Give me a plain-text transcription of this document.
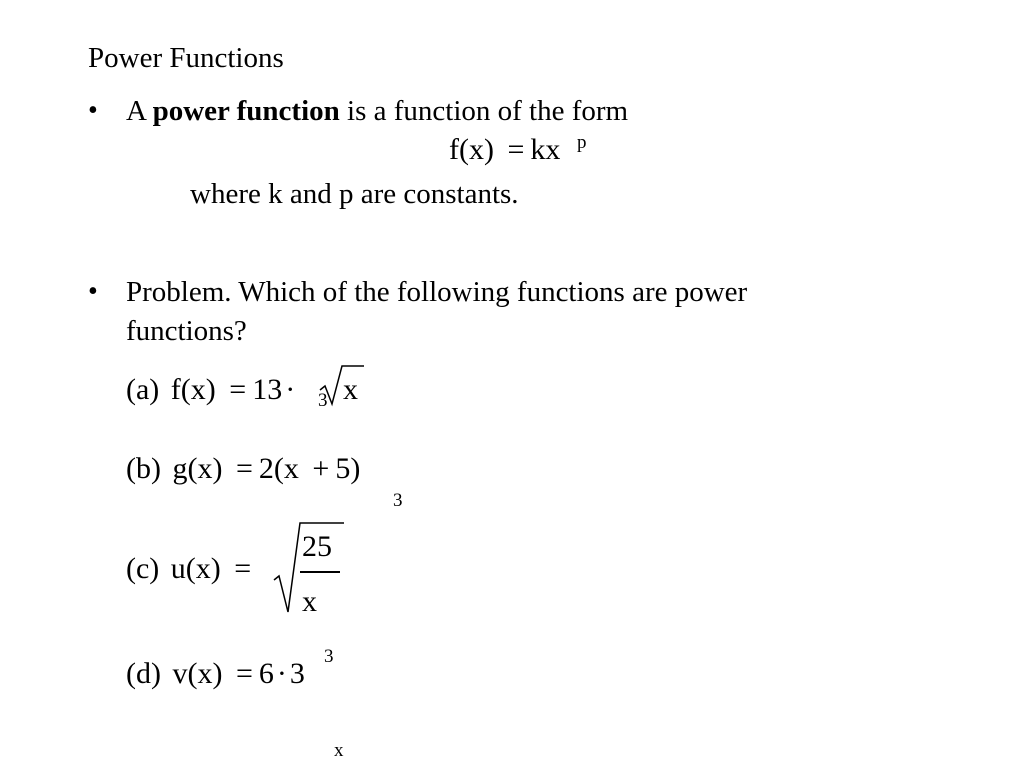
Power Functions
• A power function is a function of the form
f(x) = kx p
where k and p are constants.
• Problem. Which of the following functions are power
functions?
(a) f(x) = 13 · 3 x
(b) g(x) = 2(x + 5)
3
(c) u(x) =
25
x
3
(d) v(x) = 6 · 3
x
